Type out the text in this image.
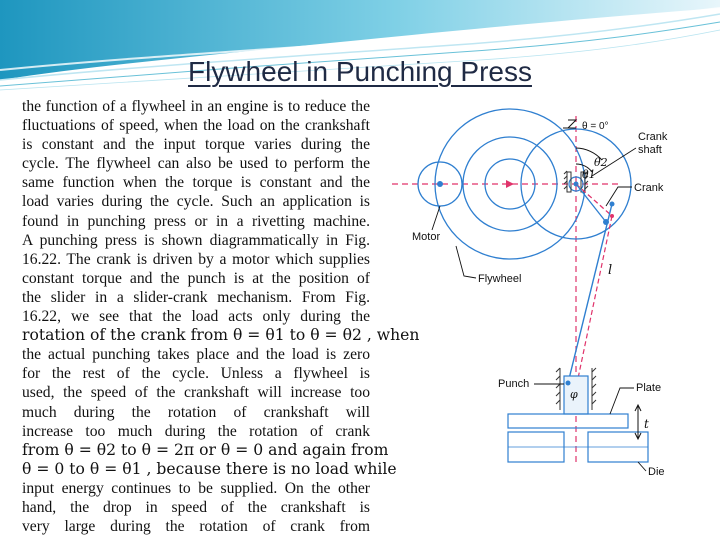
Flywheel in Punching Press
the function of a flywheel in an engine is to reduce the
fluctuations of speed, when the load on the crankshaft
is constant and the input torque varies during the
cycle. The flywheel can also be used to perform the
same function when the torque is constant and the
load varies during the cycle. Such an application is
found in punching press or in a rivetting machine.
A punching press is shown diagrammatically in Fig.
16.22. The crank is driven by a motor which supplies
constant torque and the punch is at the position of
the slider in a slider-crank mechanism. From Fig.
16.22, we see that the load acts only during the
rotation of the crank from θ = θ1 to θ = θ2 , when
the actual punching takes place and the load is zero
for the rest of the cycle. Unless a flywheel is
used, the speed of the crankshaft will increase too
much during the rotation of crankshaft will
increase too much during the rotation of crank
from θ = θ2 to θ = 2π or θ = 0 and again from
θ = 0 to θ = θ1 , because there is no load while
input energy continues to be supplied. On the other
hand, the drop in speed of the crankshaft is
very large during the rotation of crank from
θ = 0°
θ2
θ1
l
φ
t
Crank
shaft
Crank
Motor
Flywheel
Punch	Plate
Die
